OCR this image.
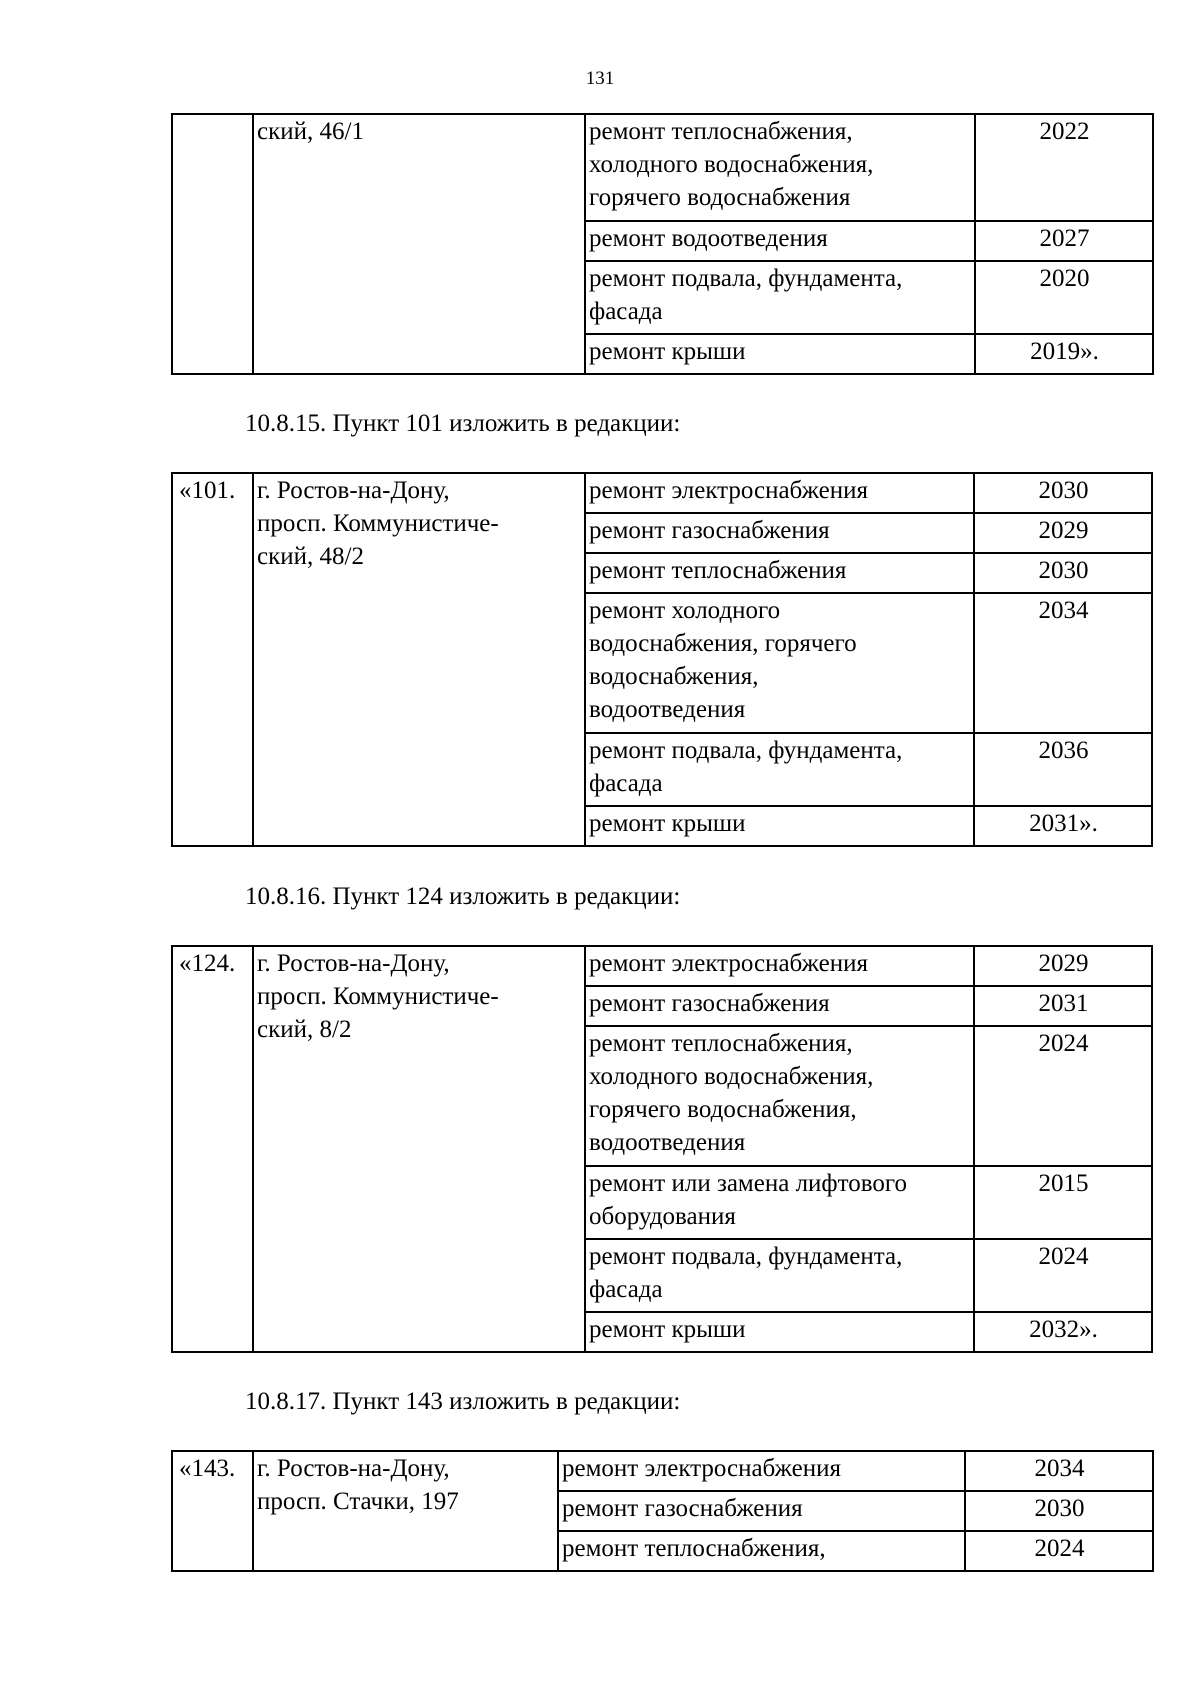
131

	ский, 46/1	ремонт теплоснабжения,
холодного водоснабжения,
горячего водоснабжения	2022

		ремонт водоотведения	2027

		ремонт подвала, фундамента,
фасада	2020

		ремонт крыши	2019».
10.8.15. Пункт 101 изложить в редакции:
«101.	г. Ростов-на-Дону,
просп. Коммунистиче-
ский, 48/2	ремонт электроснабжения	2030

		ремонт газоснабжения	2029

		ремонт теплоснабжения	2030

		ремонт холодного
водоснабжения, горячего
водоснабжения,
водоотведения	2034

		ремонт подвала, фундамента,
фасада	2036

		ремонт крыши	2031».
10.8.16. Пункт 124 изложить в редакции:
«124.	г. Ростов-на-Дону,
просп. Коммунистиче-
ский, 8/2	ремонт электроснабжения	2029

		ремонт газоснабжения	2031

		ремонт теплоснабжения,
холодного водоснабжения,
горячего водоснабжения,
водоотведения	2024

		ремонт или замена лифтового
оборудования	2015

		ремонт подвала, фундамента,
фасада	2024

		ремонт крыши	2032».
10.8.17. Пункт 143 изложить в редакции:
«143.	г. Ростов-на-Дону,
просп. Стачки, 197	ремонт электроснабжения	2034

		ремонт газоснабжения	2030

		ремонт теплоснабжения,	2024
